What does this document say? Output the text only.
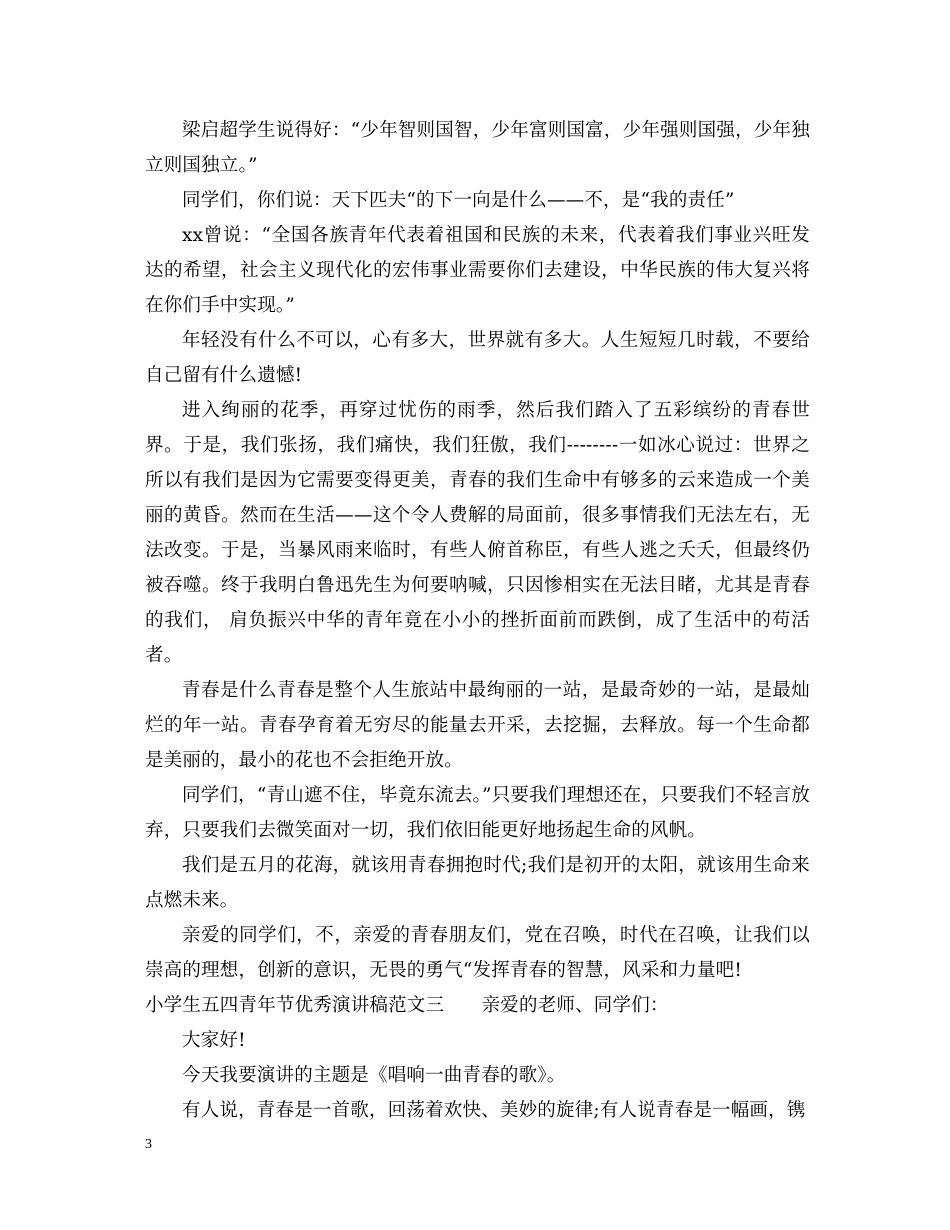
梁启超学生说得好：“少年智则国智，少年富则国富，少年强则国强，少年独立则国独立。”

同学们，你们说：天下匹夫“的下一向是什么——不，是“我的责任”

xx曾说：“全国各族青年代表着祖国和民族的未来，代表着我们事业兴旺发达的希望，社会主义现代化的宏伟事业需要你们去建设，中华民族的伟大复兴将在你们手中实现。”

年轻没有什么不可以，心有多大，世界就有多大。人生短短几时载，不要给自己留有什么遗憾!

进入绚丽的花季，再穿过忧伤的雨季，然后我们踏入了五彩缤纷的青春世界。于是，我们张扬，我们痛快，我们狂傲，我们--------一如冰心说过：世界之所以有我们是因为它需要变得更美，青春的我们生命中有够多的云来造成一个美丽的黄昏。然而在生活——这个令人费解的局面前，很多事情我们无法左右，无法改变。于是，当暴风雨来临时，有些人俯首称臣，有些人逃之夭夭，但最终仍被吞噬。终于我明白鲁迅先生为何要呐喊，只因惨相实在无法目睹，尤其是青春的我们， 肩负振兴中华的青年竟在小小的挫折面前而跌倒，成了生活中的苟活者。

青春是什么青春是整个人生旅站中最绚丽的一站，是最奇妙的一站，是最灿烂的年一站。青春孕育着无穷尽的能量去开采，去挖掘，去释放。每一个生命都是美丽的，最小的花也不会拒绝开放。

同学们，“青山遮不住，毕竟东流去。”只要我们理想还在，只要我们不轻言放弃，只要我们去微笑面对一切，我们依旧能更好地扬起生命的风帆。

我们是五月的花海，就该用青春拥抱时代;我们是初开的太阳，就该用生命来点燃未来。

亲爱的同学们，不，亲爱的青春朋友们，党在召唤，时代在召唤，让我们以崇高的理想，创新的意识，无畏的勇气“发挥青春的智慧，风采和力量吧!

小学生五四青年节优秀演讲稿范文三　　亲爱的老师、同学们：

大家好!

今天我要演讲的主题是《唱响一曲青春的歌》。

有人说，青春是一首歌，回荡着欢快、美妙的旋律;有人说青春是一幅画，镌

3
